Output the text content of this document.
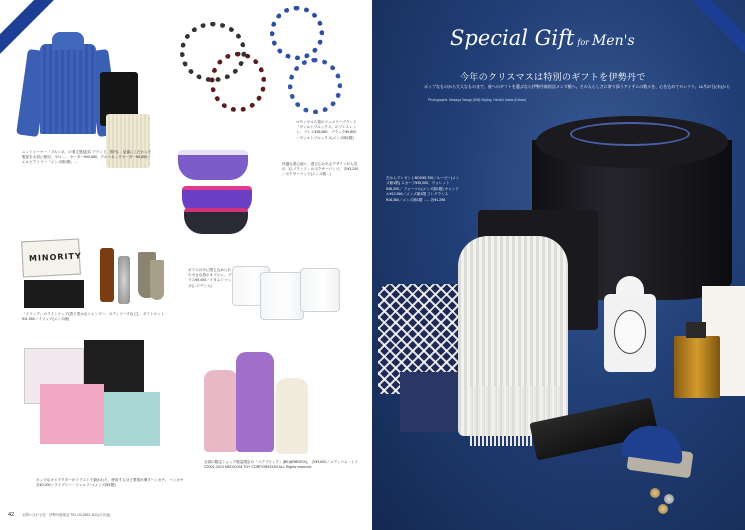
ニットトーナー「プルンネ」の着丈感覚(彩 ブランド、着内)… 品番にこだわった製品を大切に使用、ポロ…… セーター¥40,880、クルーネックセーター¥8,800／エルビアトリー「メンズ館1階」…
ロサンゼルス発のジュエリーブランド「ヴィルトブルックス」のブレスレット。 ブレス¥38,880、ブラック¥9,800／ヴィルトブルックス(メンズ館1階)
快適な着心地と、遊び心のあるデザインが人気の「仏ブランド」のボクサーパンツ。 各¥3,240／ボクサーパンツ(メンズ館…)
MINORITY
「イソップ」のラインナップ(香り豊かなシャンプー、ボディソープなど)。 ギフトセット¥11,550／イソップ(メンズ館)
ガラスの中に閉じ込められた小さな鳥のオブジェ。 グラス¥5,400／イタムシマンズ(レジデンス)
ポップなキャラクターがイラストで描かれた、使用するほど愛着が増すハンカチ。 ハンカチ各¥2,000／ライブリー・ジュエリー(メンズ館1階)
全国の限定ショップ数量限定の「ベアブリック」(BE@RBRICK)。 各¥3,600／メディコム・トイ ©2001-2013 MEDICOM TOY CORPORATION ALL Rights reserved.
42 お問い合わせ先　伊勢丹新宿店 TEL.03-3352-1111(大代表)
Special Gift for Men's
今年のクリスマスは特別のギフトを伊勢丹で
ポップなものから大人なものまで、彼へのギフトを選ぶなら伊勢丹新宿店メンズ館へ。その人らしさに寄り添うアイテムの数々を、心を込めてセレクト。11月27日(水)から
Photographs: Masaya Takagi (Still) Styling: Hiroshi Inada (Eclare)
左からプレゼントBOX¥5,700／ルービー(メンズ館1階) スカーフ¥35,000、ウォレット¥38,300／ フォーマル(メンズ館1階) キャンドル¥12,960／メンズ館1階 フレグランス¥18,360／メンズ館1階 ……各¥1,296
